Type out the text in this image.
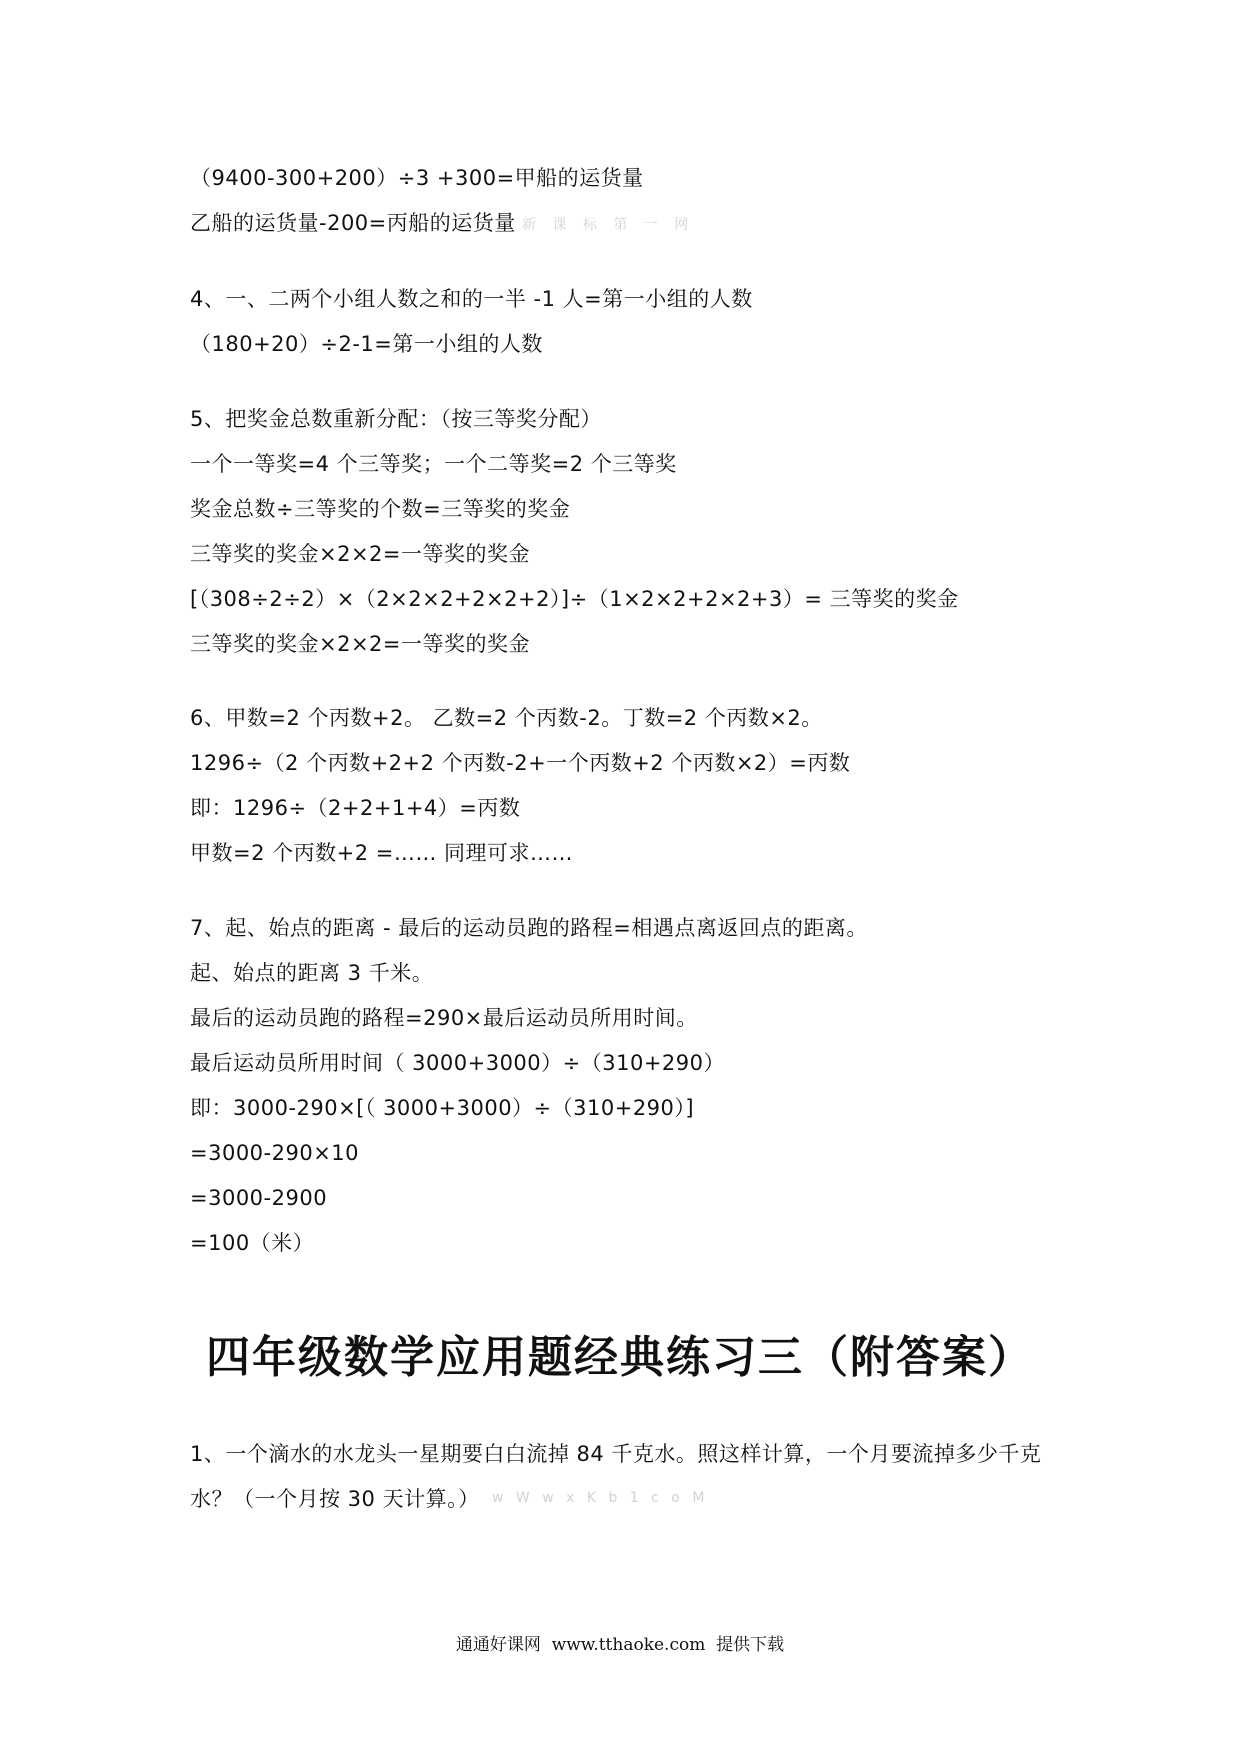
（9400-300+200）÷3 +300=甲船的运货量
乙船的运货量-200=丙船的运货量 新 课 标 第 一 网
4、一、二两个小组人数之和的一半 -1 人=第一小组的人数
（180+20）÷2-1=第一小组的人数
5、把奖金总数重新分配：（按三等奖分配）
一个一等奖=4 个三等奖；一个二等奖=2 个三等奖
奖金总数÷三等奖的个数=三等奖的奖金
三等奖的奖金×2×2=一等奖的奖金
[（308÷2÷2）×（2×2×2+2×2+2）]÷（1×2×2+2×2+3）= 三等奖的奖金
三等奖的奖金×2×2=一等奖的奖金
6、甲数=2 个丙数+2。 乙数=2 个丙数-2。丁数=2 个丙数×2。
1296÷（2 个丙数+2+2 个丙数-2+一个丙数+2 个丙数×2）=丙数
即：1296÷（2+2+1+4）=丙数
甲数=2 个丙数+2 =…… 同理可求……
7、起、始点的距离 - 最后的运动员跑的路程=相遇点离返回点的距离。
起、始点的距离 3 千米。
最后的运动员跑的路程=290×最后运动员所用时间。
最后运动员所用时间（ 3000+3000）÷（310+290）
即：3000-290×[（ 3000+3000）÷（310+290）]
=3000-290×10
=3000-2900
=100（米）
四年级数学应用题经典练习三（附答案）
1、一个滴水的水龙头一星期要白白流掉 84 千克水。照这样计算，一个月要流掉多少千克
水？（一个月按 30 天计算。） w W w x K b 1 c o M
通通好课网  www.tthaoke.com  提供下载
